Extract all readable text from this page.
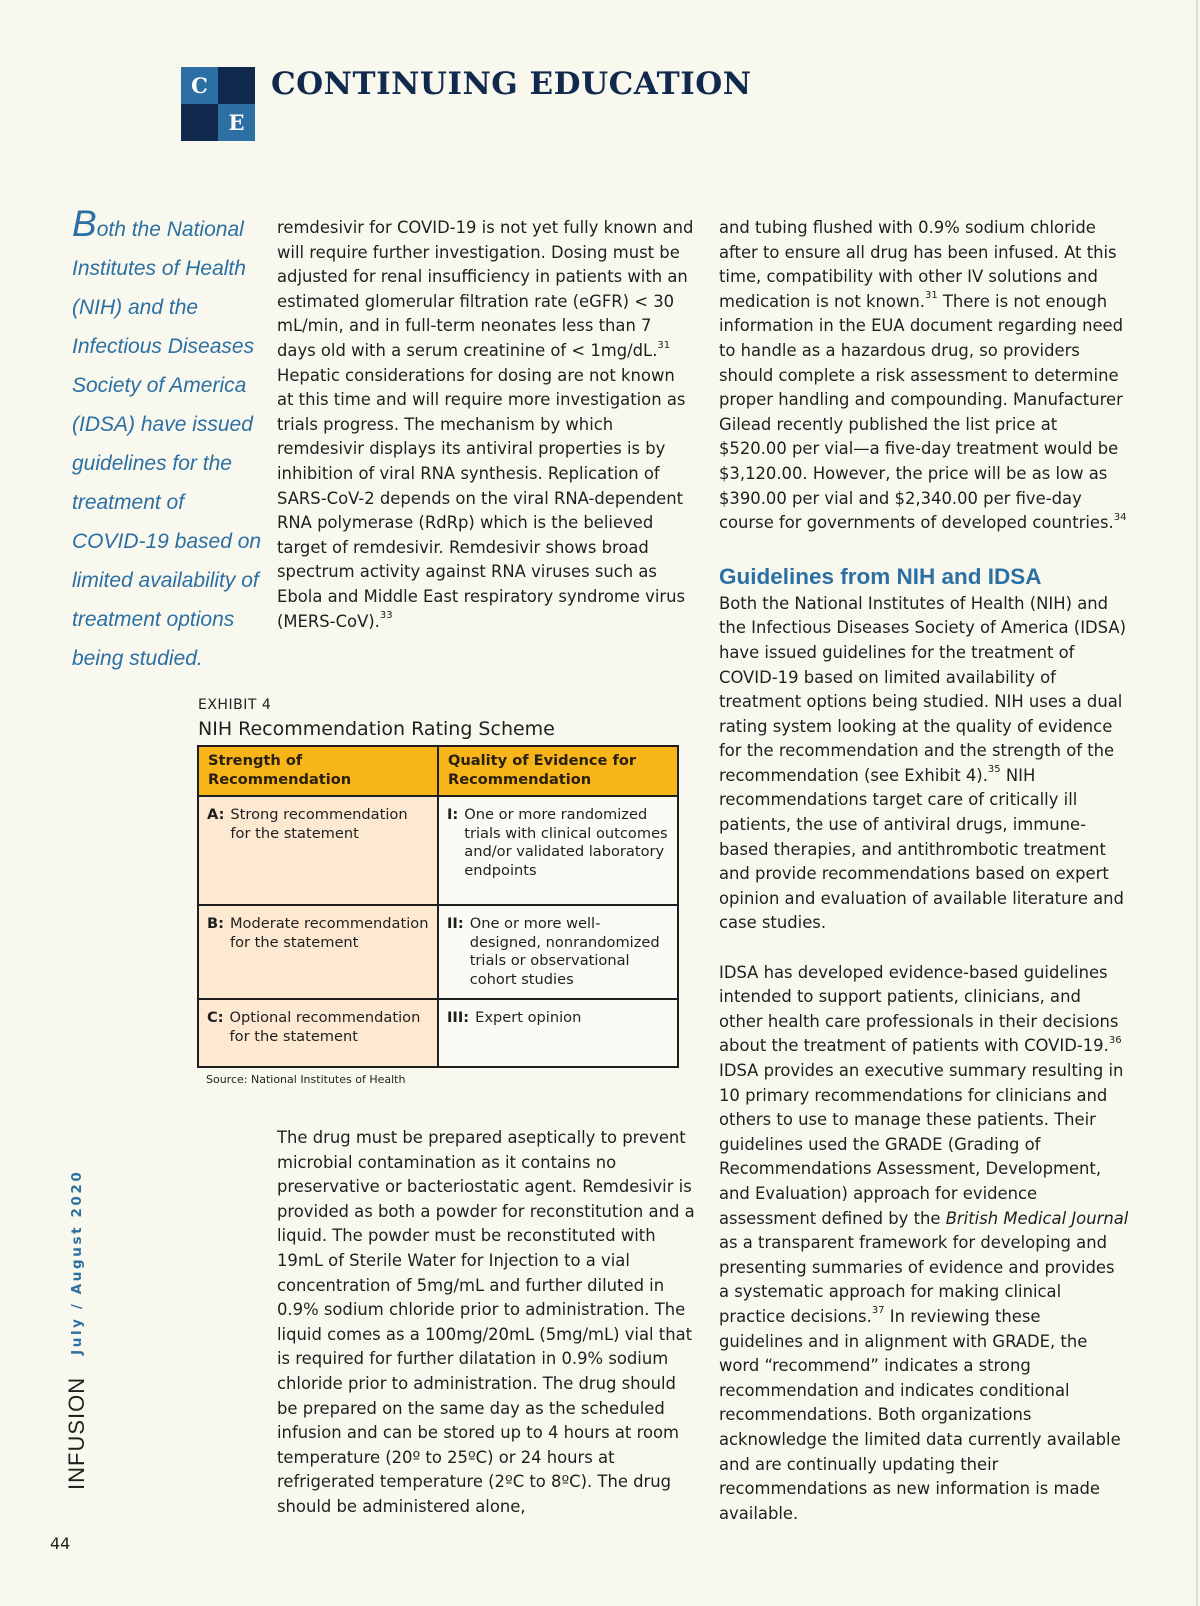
C
E
CONTINUING EDUCATION
Both the National Institutes of Health (NIH) and the Infectious Diseases Society of America (IDSA) have issued guidelines for the treatment of COVID-19 based on limited availability of treatment options being studied.

remdesivir for COVID-19 is not yet fully known and will require further investigation. Dosing must be adjusted for renal insufficiency in patients with an estimated glomerular filtration rate (eGFR) < 30 mL/min, and in full-term neonates less than 7 days old with a serum creatinine of < 1mg/dL.$^{31}$ Hepatic considerations for dosing are not known at this time and will require more investigation as trials progress. The mechanism by which remdesivir displays its antiviral properties is by inhibition of viral RNA synthesis. Replication of SARS-CoV-2 depends on the viral RNA-dependent RNA polymerase (RdRp) which is the believed target of remdesivir. Remdesivir shows broad spectrum activity against RNA viruses such as Ebola and Middle East respiratory syndrome virus (MERS-CoV).$^{33}$

EXHIBIT 4
NIH Recommendation Rating Scheme
Strength of Recommendation	Quality of Evidence for Recommendation

A: Strong recommendation for the statement	I: One or more randomized trials with clinical outcomes and/or validated laboratory endpoints

B: Moderate recommendation for the statement	II: One or more well-designed, nonrandomized trials or observational cohort studies

C: Optional recommendation for the statement	III: Expert opinion
Source: National Institutes of Health

The drug must be prepared aseptically to prevent microbial contamination as it contains no preservative or bacteriostatic agent. Remdesivir is provided as both a powder for reconstitution and a liquid. The powder must be reconstituted with 19mL of Sterile Water for Injection to a vial concentration of 5mg/mL and further diluted in 0.9% sodium chloride prior to administration. The liquid comes as a 100mg/20mL (5mg/mL) vial that is required for further dilatation in 0.9% sodium chloride prior to administration. The drug should be prepared on the same day as the scheduled infusion and can be stored up to 4 hours at room temperature (20º to 25ºC) or 24 hours at refrigerated temperature (2ºC to 8ºC). The drug should be administered alone,

and tubing flushed with 0.9% sodium chloride after to ensure all drug has been infused. At this time, compatibility with other IV solutions and medication is not known.$^{31}$ There is not enough information in the EUA document regarding need to handle as a hazardous drug, so providers should complete a risk assessment to determine proper handling and compounding. Manufacturer Gilead recently published the list price at $520.00 per vial—a five-day treatment would be $3,120.00. However, the price will be as low as $390.00 per vial and $2,340.00 per five-day course for governments of developed countries.$^{34}$

Guidelines from NIH and IDSA

Both the National Institutes of Health (NIH) and the Infectious Diseases Society of America (IDSA) have issued guidelines for the treatment of COVID-19 based on limited availability of treatment options being studied. NIH uses a dual rating system looking at the quality of evidence for the recommendation and the strength of the recommendation (see Exhibit 4).$^{35}$ NIH recommendations target care of critically ill patients, the use of antiviral drugs, immune-based therapies, and antithrombotic treatment and provide recommendations based on expert opinion and evaluation of available literature and case studies.

IDSA has developed evidence-based guidelines intended to support patients, clinicians, and other health care professionals in their decisions about the treatment of patients with COVID-19.36 IDSA provides an executive summary resulting in 10 primary recommendations for clinicians and others to use to manage these patients. Their guidelines used the GRADE (Grading of Recommendations Assessment, Development, and Evaluation) approach for evidence assessment defined by the British Medical Journal as a transparent framework for developing and presenting summaries of evidence and provides a systematic approach for making clinical practice decisions.$^{37}$ In reviewing these guidelines and in alignment with GRADE, the word “recommend” indicates a strong recommendation and indicates conditional recommendations. Both organizations acknowledge the limited data currently available and are continually updating their recommendations as new information is made available.

INFUSIONJuly / August 2020
44
